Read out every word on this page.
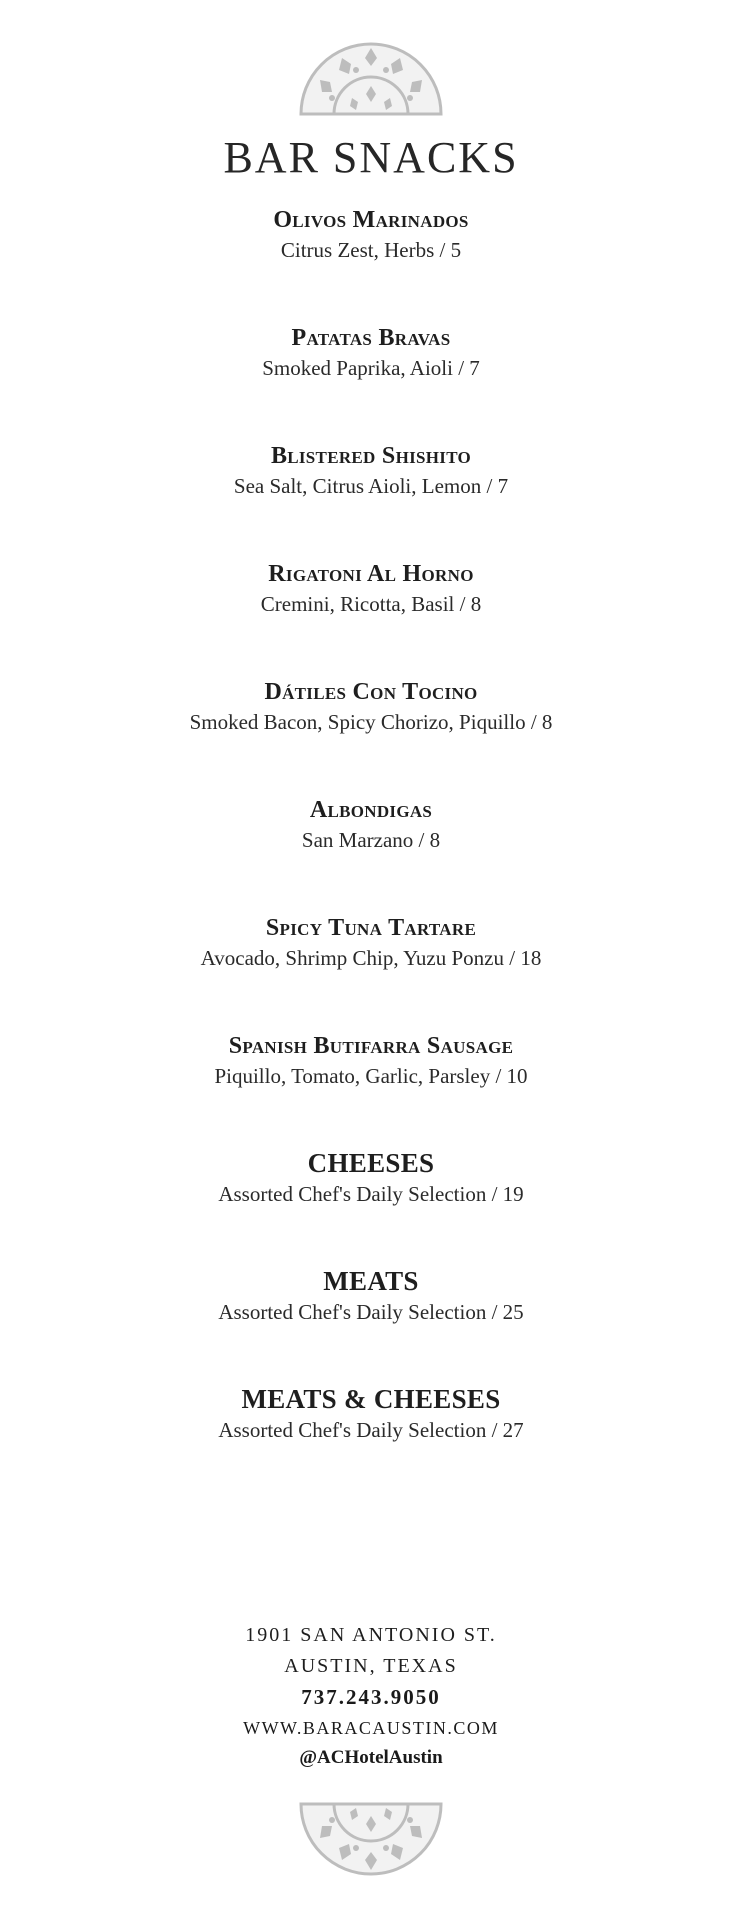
BAR SNACKS
Olivos Marinados
Citrus Zest, Herbs / 5
Patatas Bravas
Smoked Paprika, Aioli / 7
Blistered Shishito
Sea Salt, Citrus Aioli, Lemon / 7
Rigatoni Al Horno
Cremini, Ricotta, Basil / 8
Dátiles Con Tocino
Smoked Bacon, Spicy Chorizo, Piquillo / 8
Albondigas
San Marzano / 8
Spicy Tuna Tartare
Avocado, Shrimp Chip, Yuzu Ponzu / 18
Spanish Butifarra Sausage
Piquillo, Tomato, Garlic, Parsley / 10
CHEESES
Assorted Chef's Daily Selection / 19
MEATS
Assorted Chef's Daily Selection / 25
MEATS & CHEESES
Assorted Chef's Daily Selection / 27
1901 SAN ANTONIO ST.
AUSTIN, TEXAS
737.243.9050
WWW.BARACAUSTIN.COM
@ACHotelAustin
